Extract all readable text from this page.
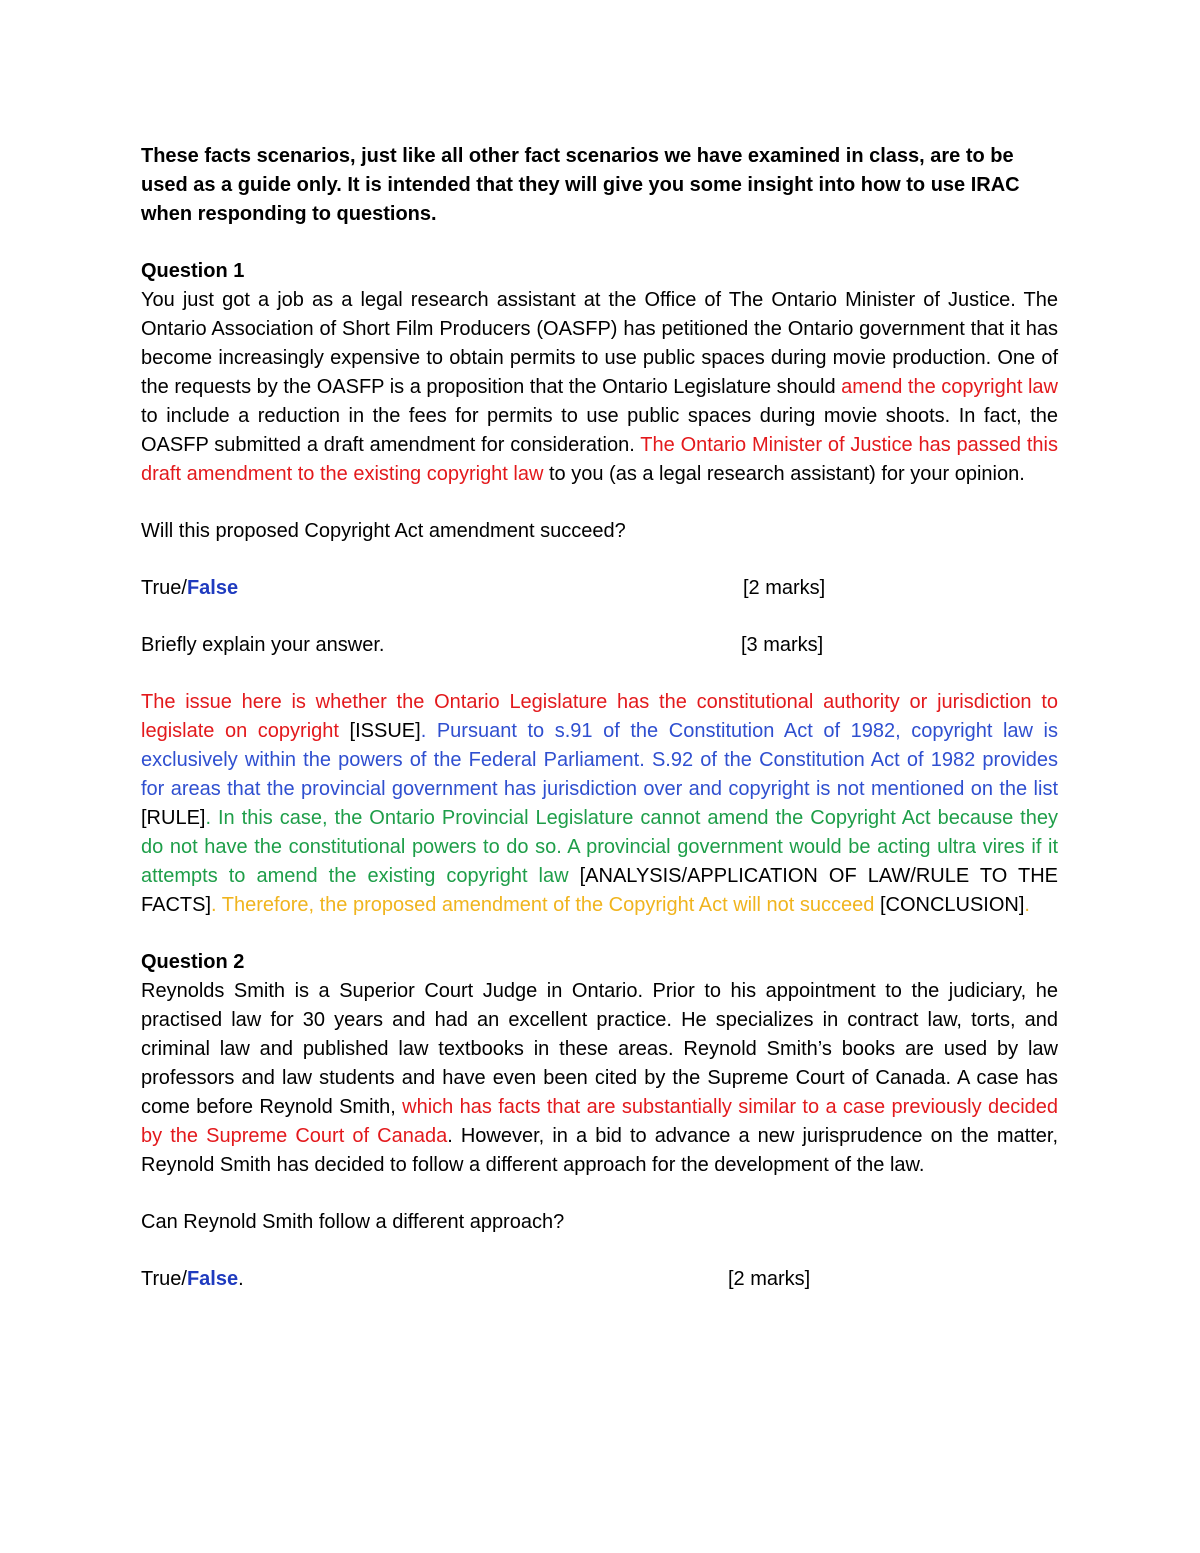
These facts scenarios, just like all other fact scenarios we have examined in class, are to be used as a guide only. It is intended that they will give you some insight into how to use IRAC when responding to questions.

Question 1

You just got a job as a legal research assistant at the Office of The Ontario Minister of Justice. The Ontario Association of Short Film Producers (OASFP) has petitioned the Ontario government that it has become increasingly expensive to obtain permits to use public spaces during movie production. One of the requests by the OASFP is a proposition that the Ontario Legislature should amend the copyright law to include a reduction in the fees for permits to use public spaces during movie shoots. In fact, the OASFP submitted a draft amendment for consideration. The Ontario Minister of Justice has passed this draft amendment to the existing copyright law to you (as a legal research assistant) for your opinion.

Will this proposed Copyright Act amendment succeed?

True/False	[2 marks]
Briefly explain your answer.	[3 marks]

The issue here is whether the Ontario Legislature has the constitutional authority or jurisdiction to legislate on copyright [ISSUE]. Pursuant to s.91 of the Constitution Act of 1982, copyright law is exclusively within the powers of the Federal Parliament. S.92 of the Constitution Act of 1982 provides for areas that the provincial government has jurisdiction over and copyright is not mentioned on the list [RULE]. In this case, the Ontario Provincial Legislature cannot amend the Copyright Act because they do not have the constitutional powers to do so. A provincial government would be acting ultra vires if it attempts to amend the existing copyright law [ANALYSIS/APPLICATION OF LAW/RULE TO THE FACTS]. Therefore, the proposed amendment of the Copyright Act will not succeed [CONCLUSION].

Question 2

Reynolds Smith is a Superior Court Judge in Ontario. Prior to his appointment to the judiciary, he practised law for 30 years and had an excellent practice. He specializes in contract law, torts, and criminal law and published law textbooks in these areas. Reynold Smith’s books are used by law professors and law students and have even been cited by the Supreme Court of Canada. A case has come before Reynold Smith, which has facts that are substantially similar to a case previously decided by the Supreme Court of Canada. However, in a bid to advance a new jurisprudence on the matter, Reynold Smith has decided to follow a different approach for the development of the law.

Can Reynold Smith follow a different approach?

True/False.	[2 marks]
